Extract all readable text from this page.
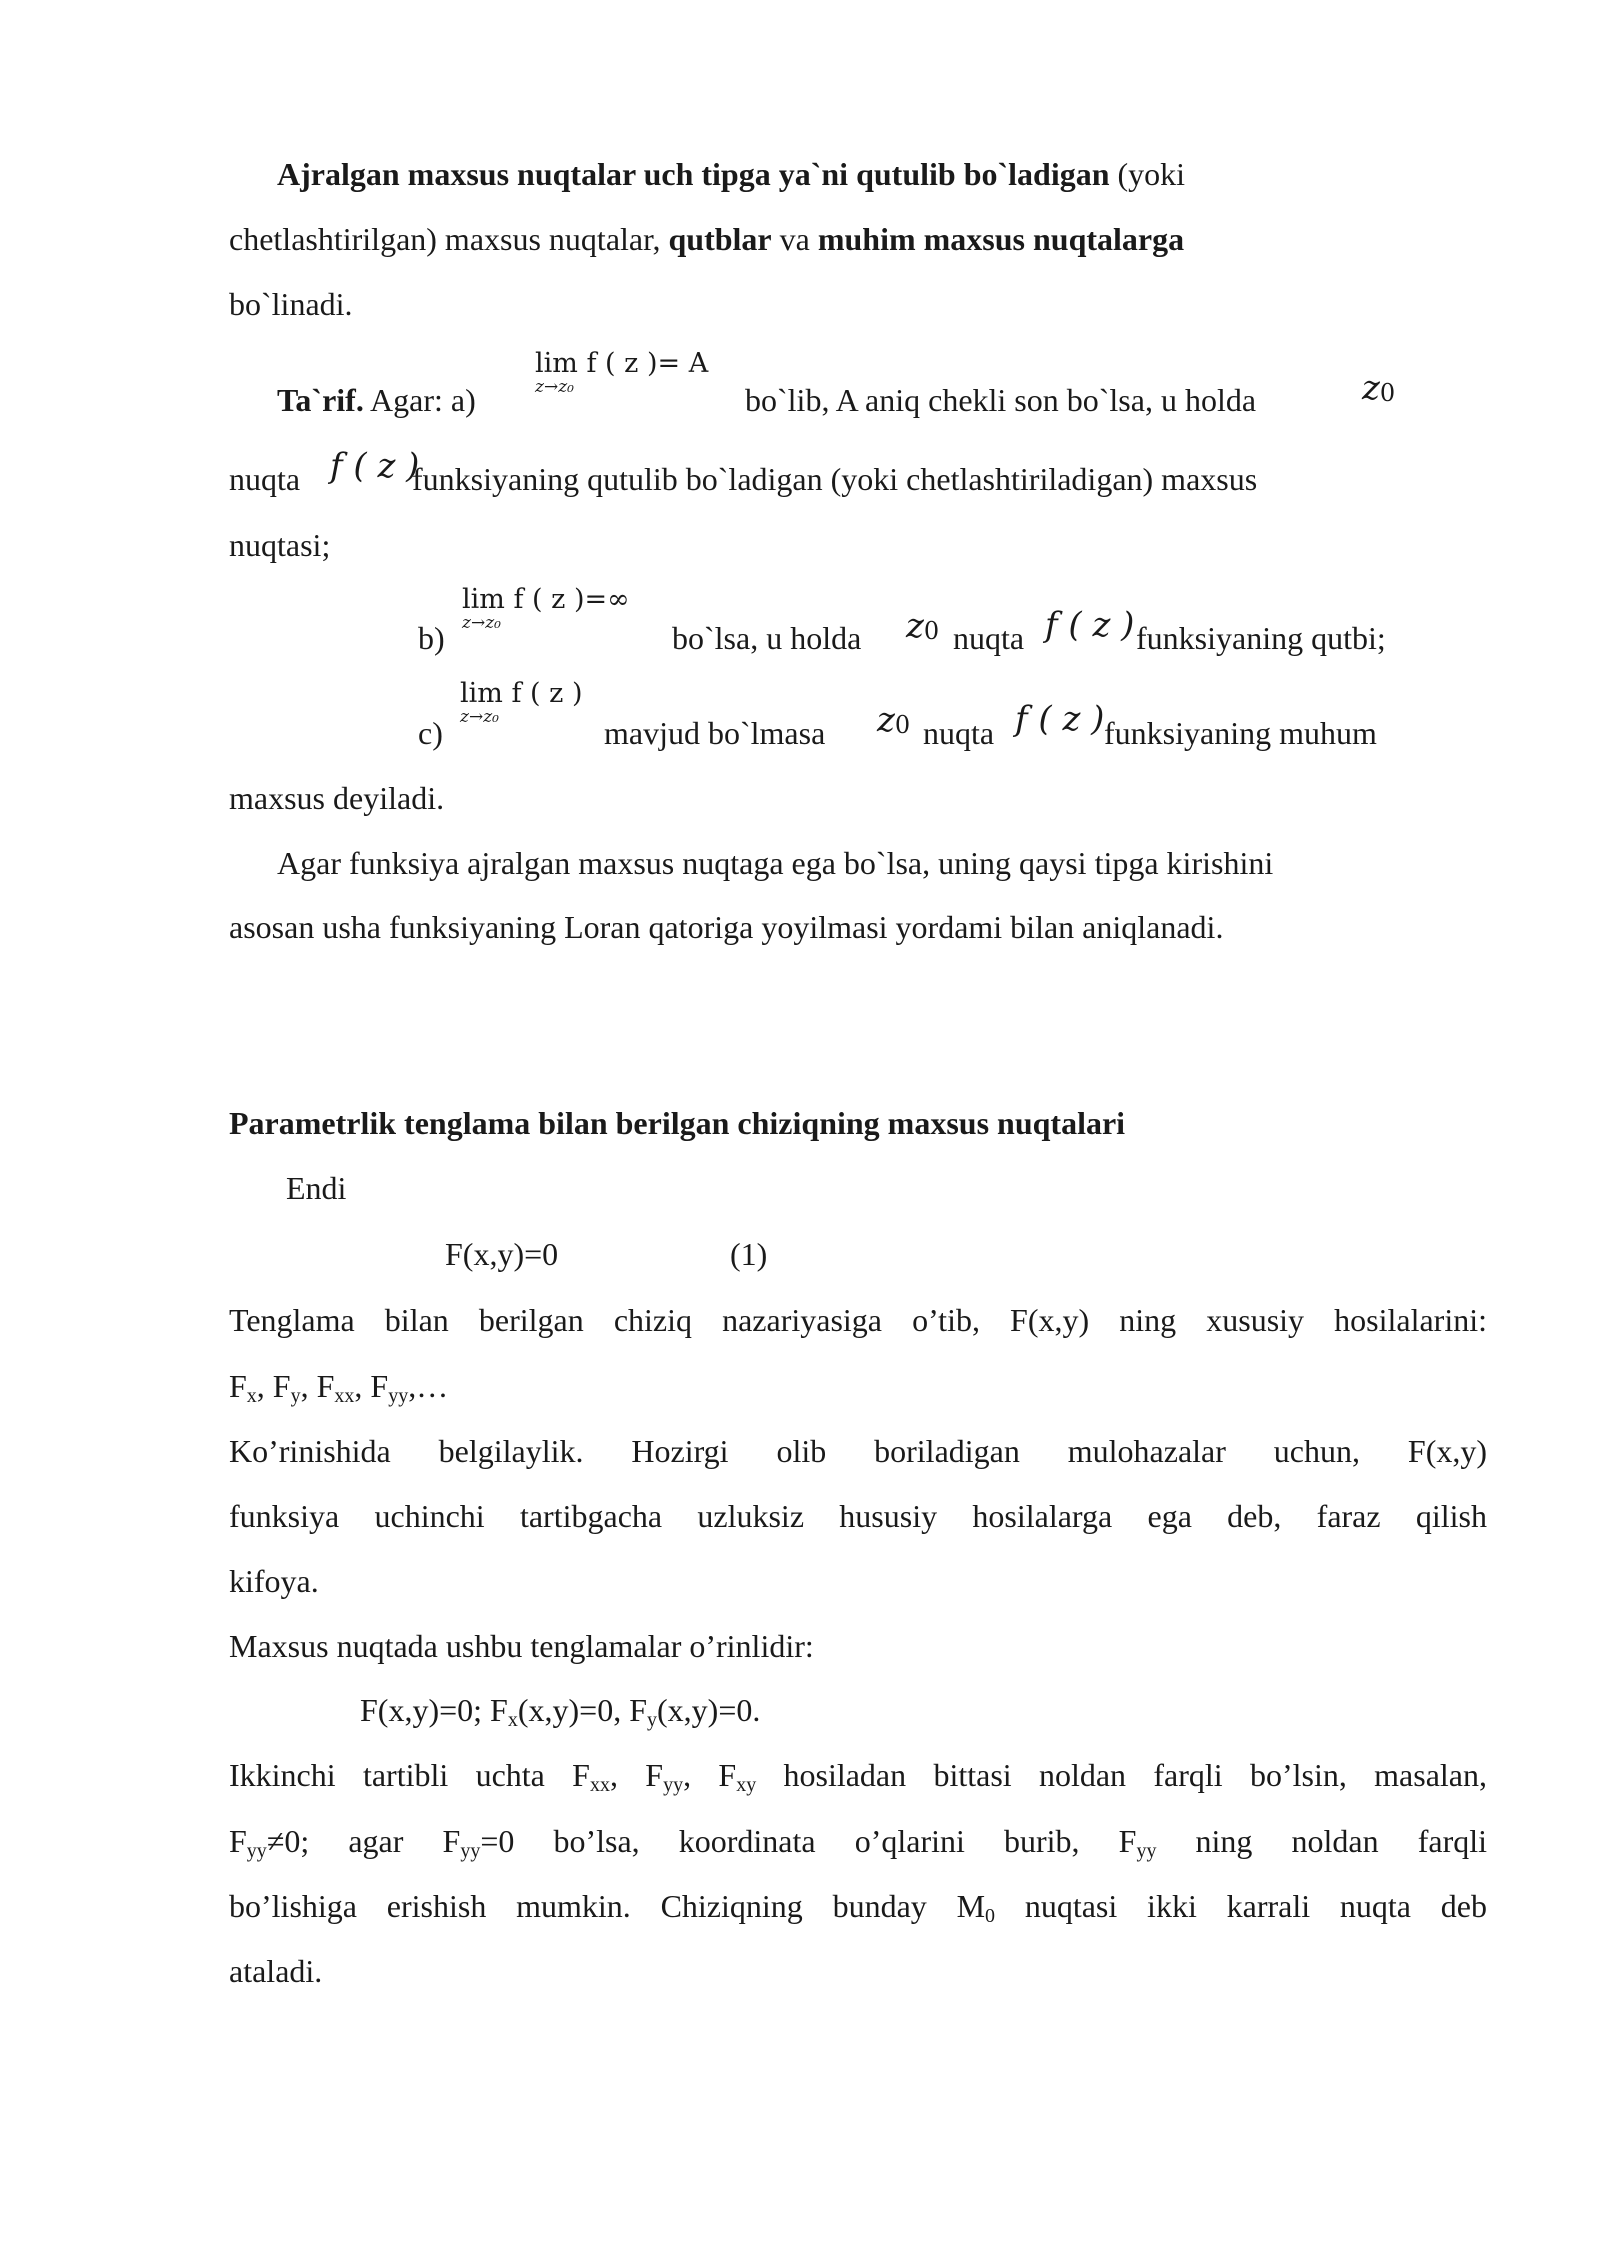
Ajralgan maxsus nuqtalar uch tipga ya`ni qutulib bo`ladigan (yoki
chetlashtirilgan) maxsus nuqtalar, qutblar va muhim maxsus nuqtalarga
bo`linadi.
Ta`rif. Agar: a)
lim f ( z )= A
z→z₀	bo`lib, A aniq chekli son bo`lsa, u holda	$z_0$
nuqta f ( z )
funksiyaning qutulib bo`ladigan (yoki chetlashtiriladigan) maxsus
nuqtasi;
lim f ( z )=∞
z→z₀
b)	bo`lsa, u holda $z_0$ nuqta f ( z ) funksiyaning qutbi;
lim f ( z )
z→z₀
c)	mavjud bo`lmasa $z_0$ nuqta f ( z ) funksiyaning muhum
maxsus deyiladi.
Agar funksiya ajralgan maxsus nuqtaga ega bo`lsa, uning qaysi tipga kirishini
asosan usha funksiyaning Loran qatoriga yoyilmasi yordami bilan aniqlanadi.
Parametrlik tenglama bilan berilgan chiziqning maxsus nuqtalari
Endi
F(x,y)=0	(1)
Tenglama bilan berilgan chiziq nazariyasiga o’tib, F(x,y) ning xususiy hosilalarini:
$F_x$, $F_y$, $F_{xx}$, $F_{yy},\dots$
Ko’rinishida belgilaylik. Hozirgi olib boriladigan mulohazalar uchun, F(x,y)
funksiya uchinchi tartibgacha uzluksiz hususiy hosilalarga ega deb, faraz qilish
kifoya.
Maxsus nuqtada ushbu tenglamalar o’rinlidir:
F(x,y)=0; $F_x(x,y)=0$, $F_y(x,y)=0$.
Ikkinchi tartibli uchta $F_{xx}$, $F_{yy}$, $F_{xy}$ hosiladan bittasi noldan farqli bo’lsin, masalan,
$F_{yy}\ne 0$; agar $F_{yy}=0$ bo’lsa, koordinata o’qlarini burib, $F_{yy}$ ning noldan farqli
bo’lishiga erishish mumkin. Chiziqning bunday $M_0$ nuqtasi ikki karrali nuqta deb
ataladi.
